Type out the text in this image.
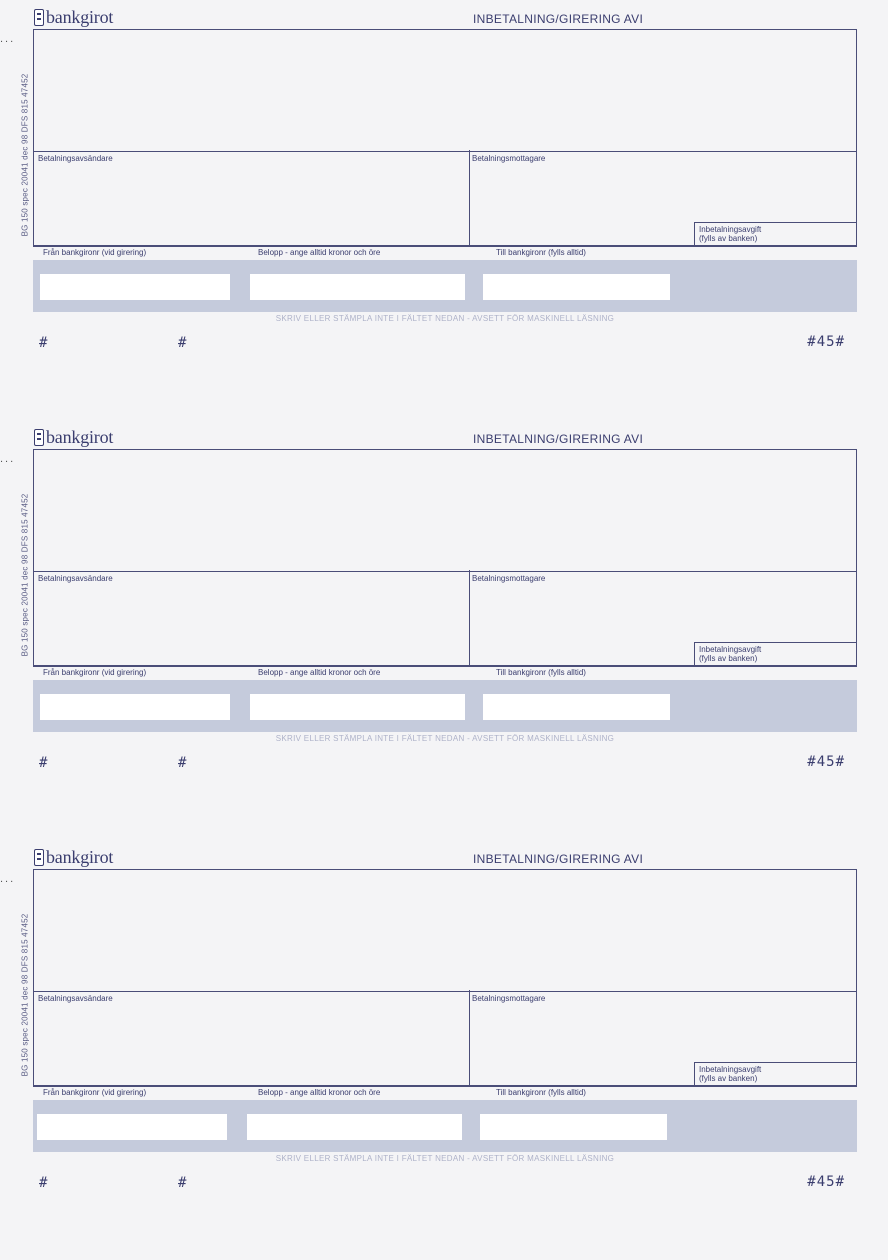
...
BG 150 spec 20041 dec 98 DFS 815 47452
bankgirot	INBETALNING/GIRERING AVI
Betalningsavsändare	Betalningsmottagare
Inbetalningsavgift
(fylls av banken)
Från bankgironr (vid girering)	Belopp - ange alltid kronor och öre	Till bankgironr (fylls alltid)
SKRIV ELLER STÄMPLA INTE I FÄLTET NEDAN - AVSETT FÖR MASKINELL LÄSNING
#	#	#45#
...
BG 150 spec 20041 dec 98 DFS 815 47452
bankgirot	INBETALNING/GIRERING AVI
Betalningsavsändare	Betalningsmottagare
Inbetalningsavgift
(fylls av banken)
Från bankgironr (vid girering)	Belopp - ange alltid kronor och öre	Till bankgironr (fylls alltid)
SKRIV ELLER STÄMPLA INTE I FÄLTET NEDAN - AVSETT FÖR MASKINELL LÄSNING
#	#	#45#
...
BG 150 spec 20041 dec 98 DFS 815 47452
bankgirot	INBETALNING/GIRERING AVI
Betalningsavsändare	Betalningsmottagare
Inbetalningsavgift
(fylls av banken)
Från bankgironr (vid girering)	Belopp - ange alltid kronor och öre	Till bankgironr (fylls alltid)
SKRIV ELLER STÄMPLA INTE I FÄLTET NEDAN - AVSETT FÖR MASKINELL LÄSNING
#	#	#45#
